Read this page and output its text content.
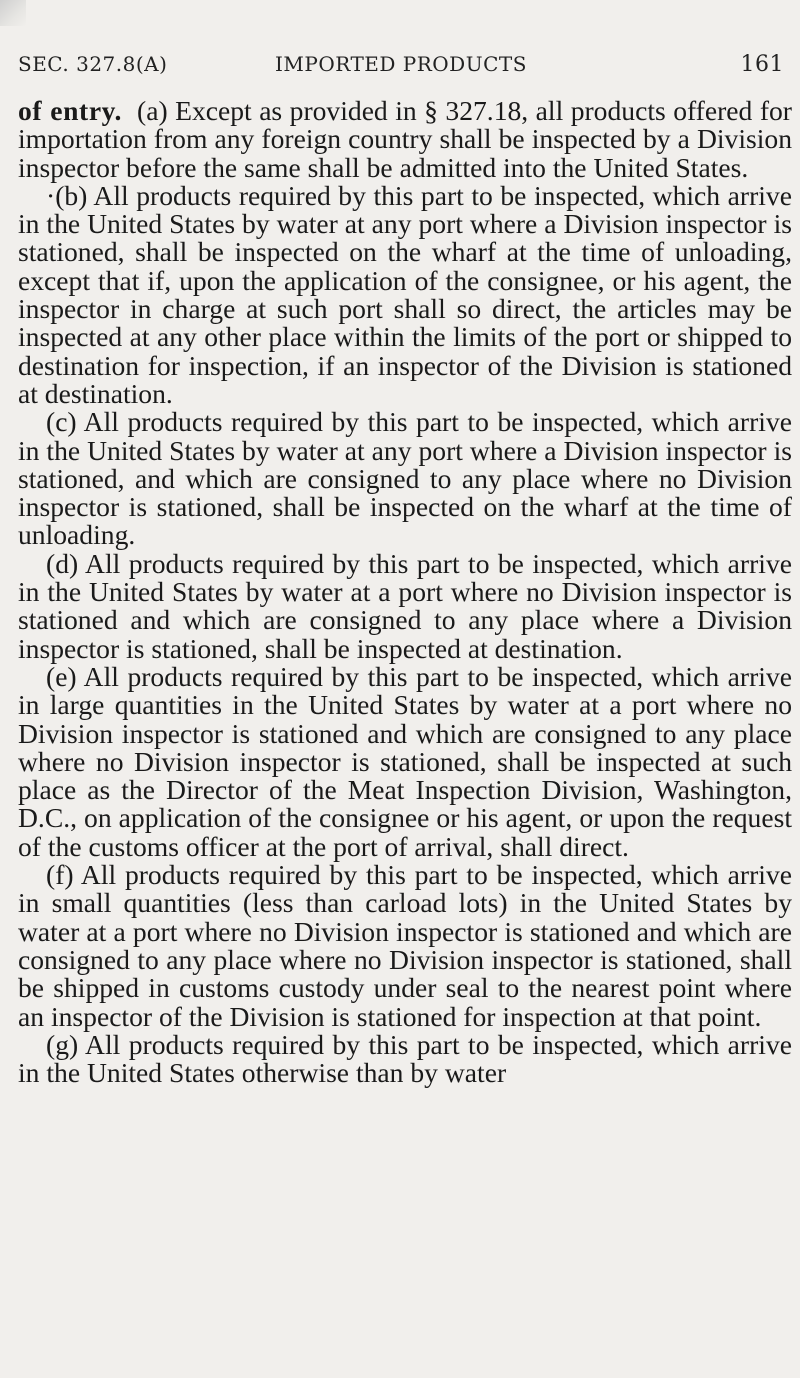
SEC. 327.8(A)	IMPORTED PRODUCTS	161

of entry. (a) Except as provided in § 327.18, all products offered for importation from any foreign country shall be inspected by a Division inspector before the same shall be admitted into the United States.

·(b) All products required by this part to be inspected, which arrive in the United States by water at any port where a Division inspector is stationed, shall be inspected on the wharf at the time of unloading, except that if, upon the application of the consignee, or his agent, the inspector in charge at such port shall so direct, the articles may be inspected at any other place within the limits of the port or shipped to destination for inspection, if an inspector of the Division is stationed at destination.

(c) All products required by this part to be inspected, which arrive in the United States by water at any port where a Division inspector is stationed, and which are consigned to any place where no Division inspector is stationed, shall be inspected on the wharf at the time of unloading.

(d) All products required by this part to be inspected, which arrive in the United States by water at a port where no Division inspector is stationed and which are consigned to any place where a Division inspector is stationed, shall be inspected at destination.

(e) All products required by this part to be inspected, which arrive in large quantities in the United States by water at a port where no Division inspector is stationed and which are consigned to any place where no Division inspector is stationed, shall be inspected at such place as the Director of the Meat Inspection Division, Washington, D.C., on application of the consignee or his agent, or upon the request of the customs officer at the port of arrival, shall direct.

(f) All products required by this part to be inspected, which arrive in small quantities (less than carload lots) in the United States by water at a port where no Division inspector is stationed and which are consigned to any place where no Division inspector is stationed, shall be shipped in customs custody under seal to the nearest point where an inspector of the Division is stationed for inspection at that point.

(g) All products required by this part to be inspected, which arrive in the United States otherwise than by water
